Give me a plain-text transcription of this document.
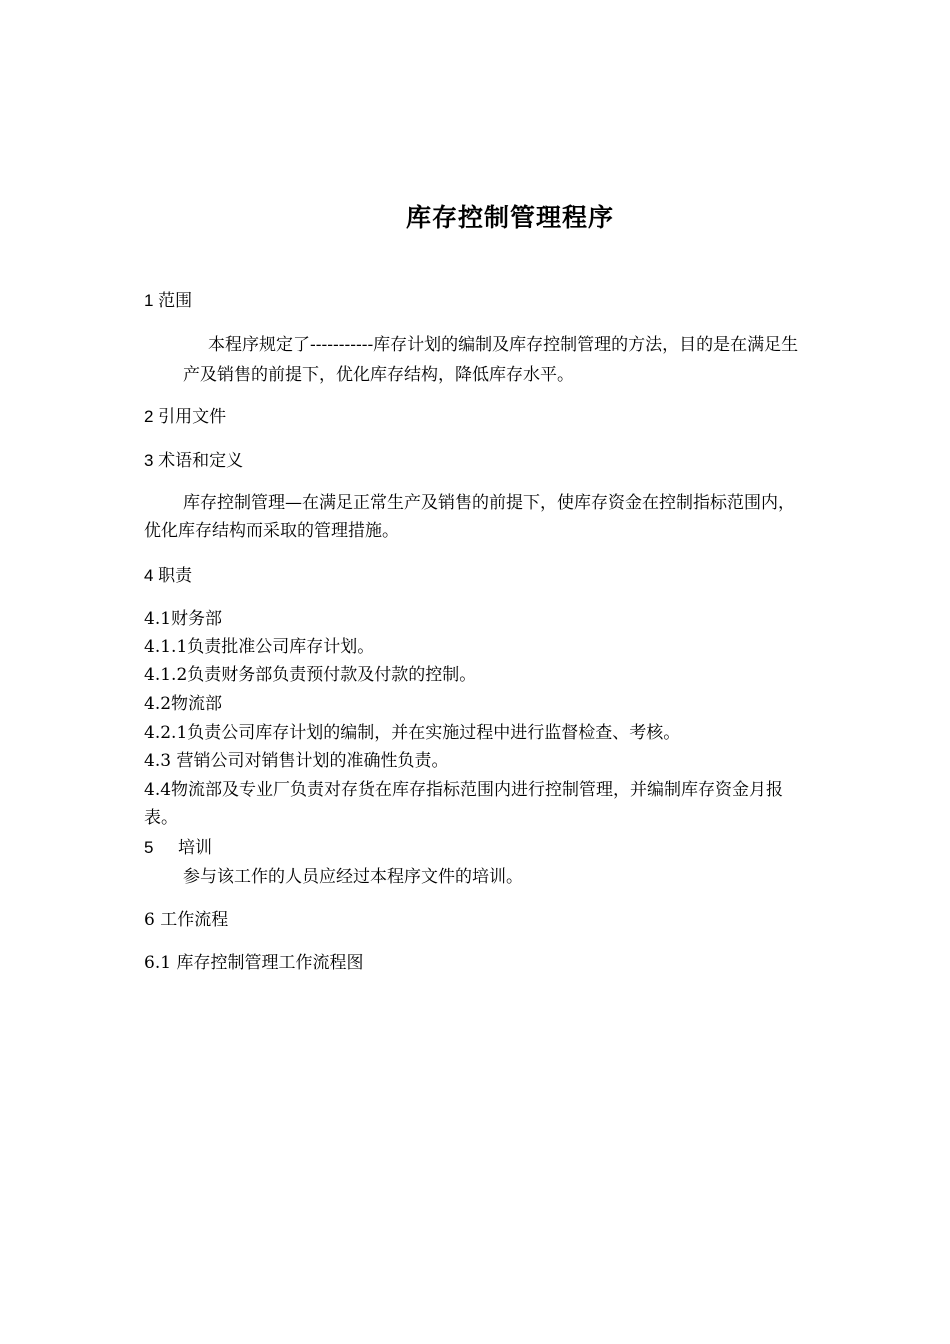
库存控制管理程序
1 范围
本程序规定了-----------库存计划的编制及库存控制管理的方法，目的是在满足生
产及销售的前提下，优化库存结构，降低库存水平。
2 引用文件
3 术语和定义
库存控制管理—在满足正常生产及销售的前提下，使库存资金在控制指标范围内，
优化库存结构而采取的管理措施。
4 职责
4.1财务部
4.1.1负责批准公司库存计划。
4.1.2负责财务部负责预付款及付款的控制。
4.2物流部
4.2.1负责公司库存计划的编制，并在实施过程中进行监督检查、考核。
4.3 营销公司对销售计划的准确性负责。
4.4物流部及专业厂负责对存货在库存指标范围内进行控制管理，并编制库存资金月报
表。
5 培训
参与该工作的人员应经过本程序文件的培训。
6 工作流程
6.1 库存控制管理工作流程图
